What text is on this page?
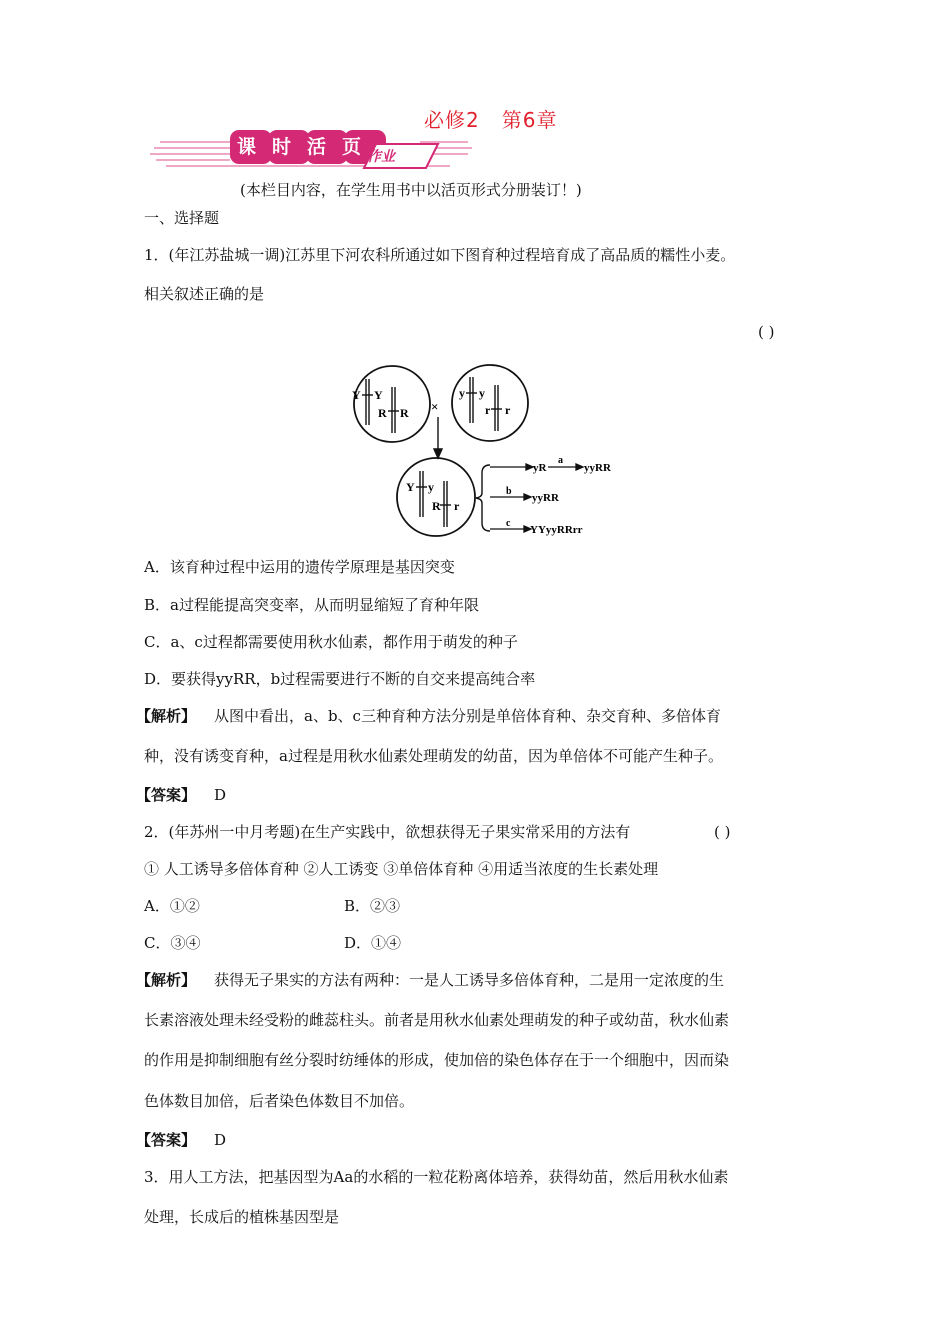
必修2 第6章
课时活页
作业
(本栏目内容，在学生用书中以活页形式分册装订！)
一、选择题
1．(年江苏盐城一调)江苏里下河农科所通过如下图育种过程培育成了高品质的糯性小麦。
相关叙述正确的是
( )
Y Y
R R ×
y y
r r
Y y
R r
yR
a
yyRR
b
yyRR
c
YYyyRRrr
A．该育种过程中运用的遗传学原理是基因突变
B．a过程能提高突变率，从而明显缩短了育种年限
C．a、c过程都需要使用秋水仙素，都作用于萌发的种子
D．要获得yyRR，b过程需要进行不断的自交来提高纯合率
【解析】 从图中看出，a、b、c三种育种方法分别是单倍体育种、杂交育种、多倍体育
种，没有诱变育种，a过程是用秋水仙素处理萌发的幼苗，因为单倍体不可能产生种子。
【答案】 D
2．(年苏州一中月考题)在生产实践中，欲想获得无子果实常采用的方法有	( )
① 人工诱导多倍体育种 ②人工诱变 ③单倍体育种 ④用适当浓度的生长素处理
A．①②	B．②③
C．③④	D．①④
【解析】 获得无子果实的方法有两种：一是人工诱导多倍体育种，二是用一定浓度的生
长素溶液处理未经受粉的雌蕊柱头。前者是用秋水仙素处理萌发的种子或幼苗，秋水仙素
的作用是抑制细胞有丝分裂时纺缍体的形成，使加倍的染色体存在于一个细胞中，因而染
色体数目加倍，后者染色体数目不加倍。
【答案】 D
3．用人工方法，把基因型为Aa的水稻的一粒花粉离体培养，获得幼苗，然后用秋水仙素
处理，长成后的植株基因型是
